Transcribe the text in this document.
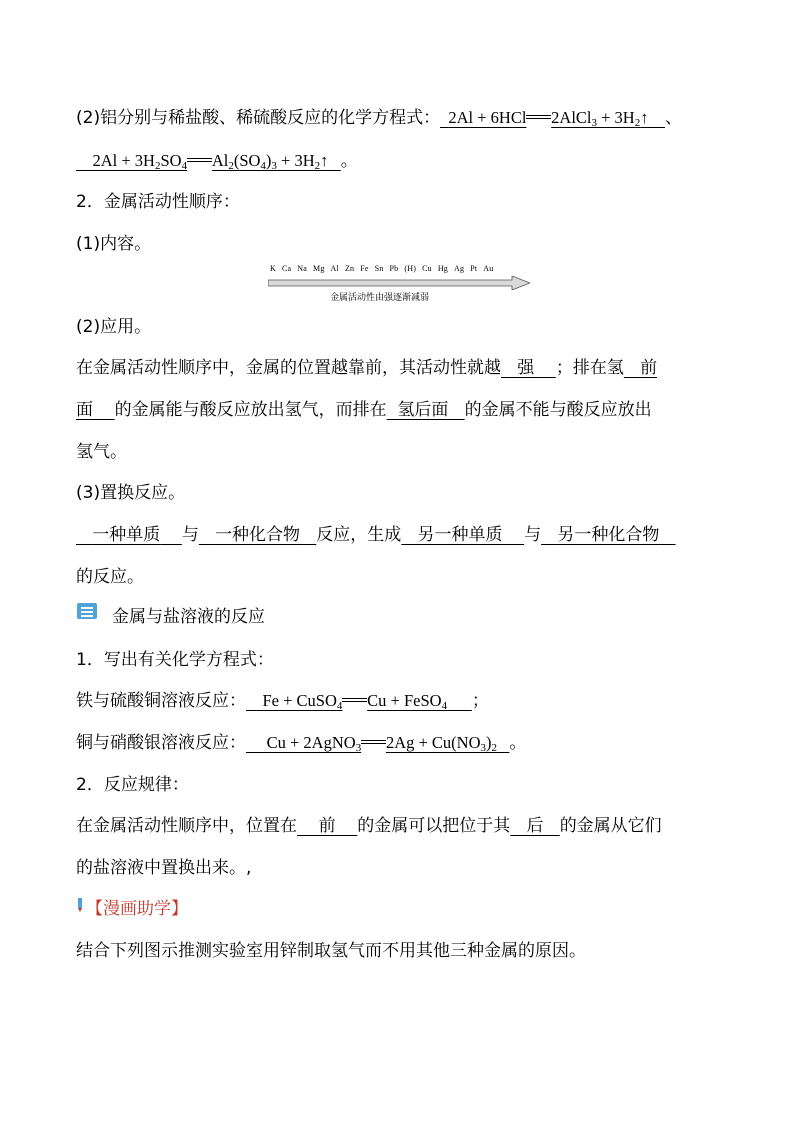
(2)铝分别与稀盐酸、稀硫酸反应的化学方程式： 2Al + 6HCl 2AlCl$_3$ + $3H_2↑$ 、
$2Al + 3H_2SO_4$ $Al_2(SO_4)_3$ + $3H_2↑$ 。
2．金属活动性顺序：
(1)内容。
K Ca Na Mg Al Zn Fe Sn Pb (H) Cu Hg Ag Pt Au
金属活动性由强逐渐减弱
(2)应用。
在金属活动性顺序中，金属的位置越靠前，其活动性就越 强 ；排在氢 前
面 的金属能与酸反应放出氢气，而排在 氢后面 的金属不能与酸反应放出
氢气。
(3)置换反应。
一种单质 与 一种化合物 反应，生成 另一种单质 与 另一种化合物
的反应。
金属与盐溶液的反应
1．写出有关化学方程式：
铁与硫酸铜溶液反应： Fe + CuSO$_4$ Cu + FeSO$_4$ ；
铜与硝酸银溶液反应： Cu + 2AgNO$_3$ $2Ag + Cu(NO_3)_2$ 。
2．反应规律：
在金属活动性顺序中，位置在 前 的金属可以把位于其 后 的金属从它们
的盐溶液中置换出来。,
【漫画助学】
结合下列图示推测实验室用锌制取氢气而不用其他三种金属的原因。
